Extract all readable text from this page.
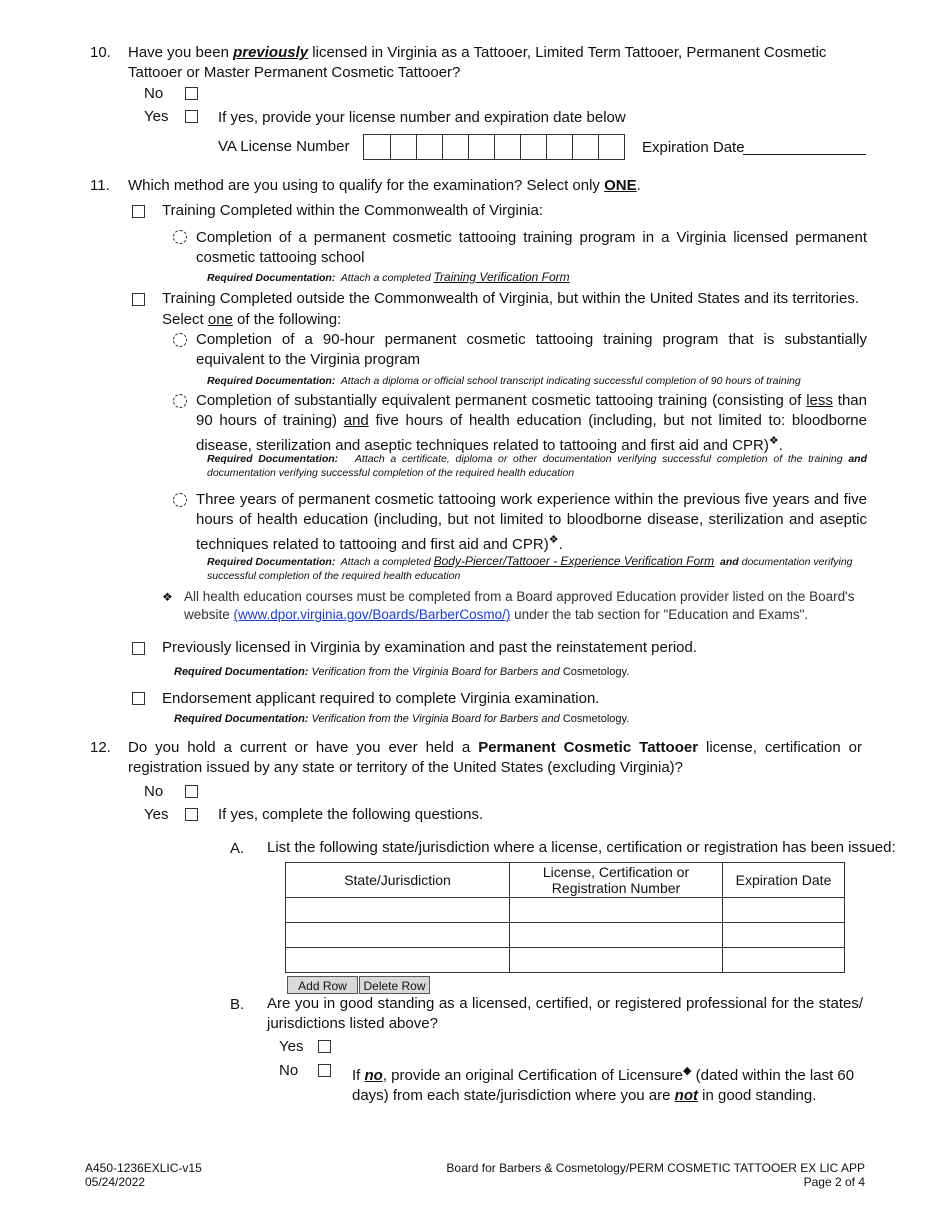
10. Have you been previously licensed in Virginia as a Tattooer, Limited Term Tattooer, Permanent Cosmetic Tattooer or Master Permanent Cosmetic Tattooer?
No
Yes	If yes, provide your license number and expiration date below
VA License Number	Expiration Date
11. Which method are you using to qualify for the examination? Select only ONE.
Training Completed within the Commonwealth of Virginia:
Completion of a permanent cosmetic tattooing training program in a Virginia licensed permanent cosmetic tattooing school
Required Documentation: Attach a completed Training Verification Form
Training Completed outside the Commonwealth of Virginia, but within the United States and its territories.
Select one of the following:
Completion of a 90-hour permanent cosmetic tattooing training program that is substantially equivalent to the Virginia program
Required Documentation: Attach a diploma or official school transcript indicating successful completion of 90 hours of training
Completion of substantially equivalent permanent cosmetic tattooing training (consisting of less than 90 hours of training) and five hours of health education (including, but not limited to: bloodborne disease, sterilization and aseptic techniques related to tattooing and first aid and CPR)❖.
Required Documentation: Attach a certificate, diploma or other documentation verifying successful completion of the training and documentation verifying successful completion of the required health education
Three years of permanent cosmetic tattooing work experience within the previous five years and five hours of health education (including, but not limited to bloodborne disease, sterilization and aseptic techniques related to tattooing and first aid and CPR)❖.
Required Documentation: Attach a completed Body-Piercer/Tattooer - Experience Verification Form  and documentation verifying successful completion of the required health education
❖ All health education courses must be completed from a Board approved Education provider listed on the Board's website (www.dpor.virginia.gov/Boards/BarberCosmo/) under the tab section for "Education and Exams".
Previously licensed in Virginia by examination and past the reinstatement period.
Required Documentation: Verification from the Virginia Board for Barbers and Cosmetology.
Endorsement applicant required to complete Virginia examination.
Required Documentation: Verification from the Virginia Board for Barbers and Cosmetology.
12. Do you hold a current or have you ever held a Permanent Cosmetic Tattooer license, certification or registration issued by any state or territory of the United States (excluding Virginia)?
No
Yes	If yes, complete the following questions.
A. List the following state/jurisdiction where a license, certification or registration has been issued:
State/Jurisdiction	License, Certification or Registration Number	Expiration Date

Add Row	Delete Row
B. Are you in good standing as a licensed, certified, or registered professional for the states/ jurisdictions listed above?
Yes
No	If no, provide an original Certification of Licensure◆ (dated within the last 60 days) from each state/jurisdiction where you are not in good standing.
A450-1236EXLIC-v15
05/24/2022
Board for Barbers & Cosmetology/PERM COSMETIC TATTOOER EX LIC APP
Page 2 of 4
